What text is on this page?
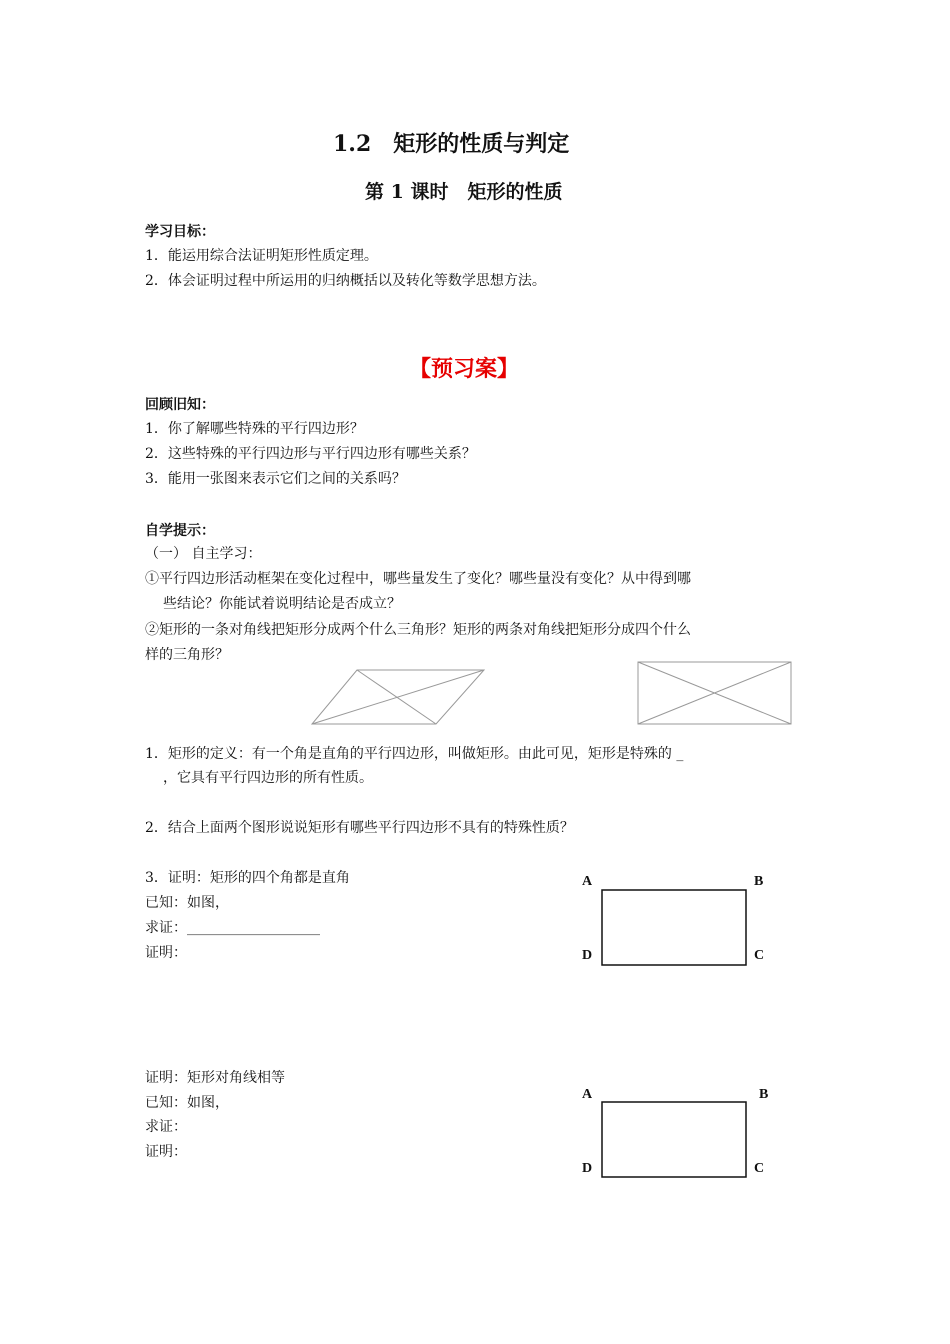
1.2　矩形的性质与判定
第 1 课时　矩形的性质
学习目标：
1．能运用综合法证明矩形性质定理。
2．体会证明过程中所运用的归纳概括以及转化等数学思想方法。
【预习案】
回顾旧知：
1．你了解哪些特殊的平行四边形？
2．这些特殊的平行四边形与平行四边形有哪些关系？
3．能用一张图来表示它们之间的关系吗？
自学提示：
（一） 自主学习：
①平行四边形活动框架在变化过程中，哪些量发生了变化？哪些量没有变化？从中得到哪
些结论？你能试着说明结论是否成立？
②矩形的一条对角线把矩形分成两个什么三角形？矩形的两条对角线把矩形分成四个什么
样的三角形？
1．矩形的定义：有一个角是直角的平行四边形，叫做矩形。由此可见，矩形是特殊的 _
，它具有平行四边形的所有性质。
2．结合上面两个图形说说矩形有哪些平行四边形不具有的特殊性质？
3．证明：矩形的四个角都是直角
已知：如图，
求证：___________________
证明：
A	B
D	C
证明：矩形对角线相等
已知：如图，
求证：
证明：
A	B
D	C
